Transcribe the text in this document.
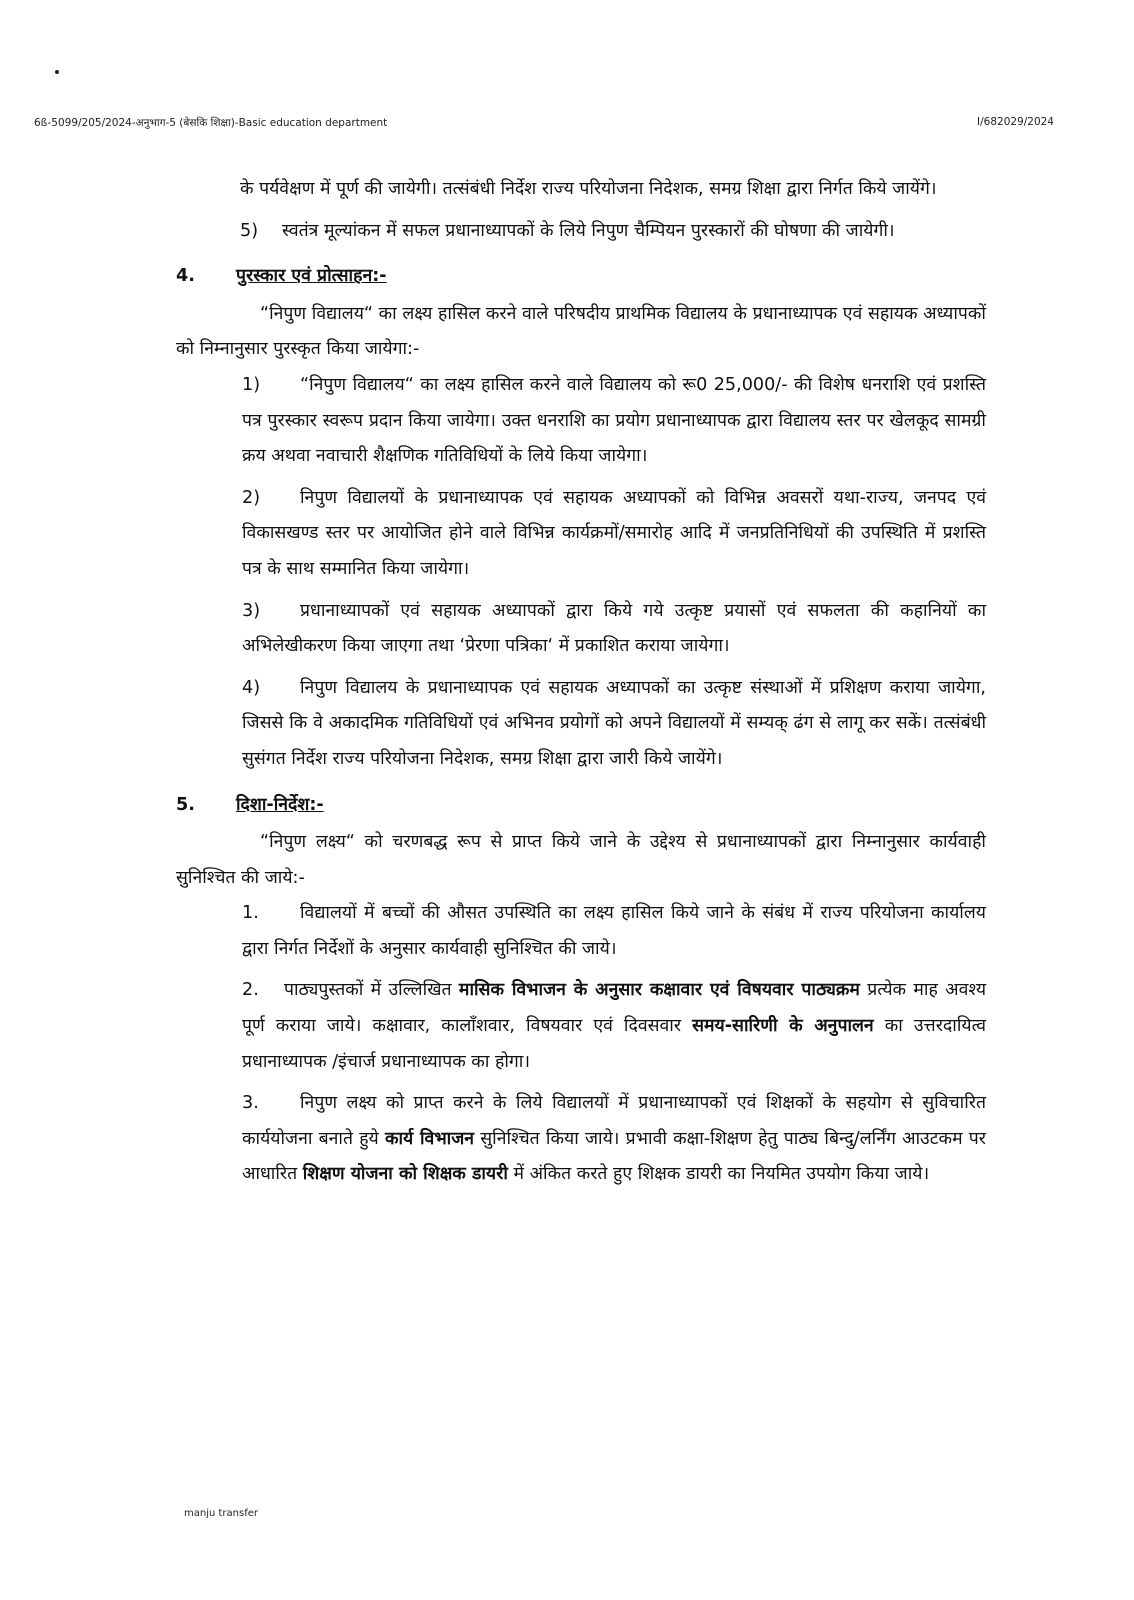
6ß-5099/205/2024-अनुभाग-5 (बेसकि शिक्षा)-Basic education department	I/682029/2024

के पर्यवेक्षण में पूर्ण की जायेगी। तत्संबंधी निर्देश राज्य परियोजना निदेशक, समग्र शिक्षा द्वारा निर्गत किये जायेंगे।

5) स्वतंत्र मूल्यांकन में सफल प्रधानाध्यापकों के लिये निपुण चैम्पियन पुरस्कारों की घोषणा की जायेगी।

4.	पुरस्कार एवं प्रोत्साहन:-

“निपुण विद्यालय“ का लक्ष्य हासिल करने वाले परिषदीय प्राथमिक विद्यालय के प्रधानाध्यापक एवं सहायक अध्यापकों को निम्नानुसार पुरस्कृत किया जायेगा:-

1) “निपुण विद्यालय“ का लक्ष्य हासिल करने वाले विद्यालय को रू0 25,000/- की विशेष धनराशि एवं प्रशस्ति पत्र पुरस्कार स्वरूप प्रदान किया जायेगा। उक्त धनराशि का प्रयोग प्रधानाध्यापक द्वारा विद्यालय स्तर पर खेलकूद सामग्री क्रय अथवा नवाचारी शैक्षणिक गतिविधियों के लिये किया जायेगा।

2) निपुण विद्यालयों के प्रधानाध्यापक एवं सहायक अध्यापकों को विभिन्न अवसरों यथा-राज्य, जनपद एवं विकासखण्ड स्तर पर आयोजित होने वाले विभिन्न कार्यक्रमों/समारोह आदि में जनप्रतिनिधियों की उपस्थिति में प्रशस्ति पत्र के साथ सम्मानित किया जायेगा।

3) प्रधानाध्यापकों एवं सहायक अध्यापकों द्वारा किये गये उत्कृष्ट प्रयासों एवं सफलता की कहानियों का अभिलेखीकरण किया जाएगा तथा ‘प्रेरणा पत्रिका‘ में प्रकाशित कराया जायेगा।

4) निपुण विद्यालय के प्रधानाध्यापक एवं सहायक अध्यापकों का उत्कृष्ट संस्थाओं में प्रशिक्षण कराया जायेगा, जिससे कि वे अकादमिक गतिविधियों एवं अभिनव प्रयोगों को अपने विद्यालयों में सम्यक् ढंग से लागू कर सकें। तत्संबंधी सुसंगत निर्देश राज्य परियोजना निदेशक, समग्र शिक्षा द्वारा जारी किये जायेंगे।

5.	दिशा-निर्देश:-

“निपुण लक्ष्य“ को चरणबद्ध रूप से प्राप्त किये जाने के उद्देश्य से प्रधानाध्यापकों द्वारा निम्नानुसार कार्यवाही सुनिश्चित की जाये:-

1. विद्यालयों में बच्चों की औसत उपस्थिति का लक्ष्य हासिल किये जाने के संबंध में राज्य परियोजना कार्यालय द्वारा निर्गत निर्देशों के अनुसार कार्यवाही सुनिश्चित की जाये।

2. पाठ्यपुस्तकों में उल्लिखित मासिक विभाजन के अनुसार कक्षावार एवं विषयवार पाठ्यक्रम प्रत्येक माह अवश्य पूर्ण कराया जाये। कक्षावार, कालाँशवार, विषयवार एवं दिवसवार समय-सारिणी के अनुपालन का उत्तरदायित्व प्रधानाध्यापक /इंचार्ज प्रधानाध्यापक का होगा।

3. निपुण लक्ष्य को प्राप्त करने के लिये विद्यालयों में प्रधानाध्यापकों एवं शिक्षकों के सहयोग से सुविचारित कार्ययोजना बनाते हुये कार्य विभाजन सुनिश्चित किया जाये। प्रभावी कक्षा-शिक्षण हेतु पाठ्य बिन्दु/लर्निंग आउटकम पर आधारित शिक्षण योजना को शिक्षक डायरी में अंकित करते हुए शिक्षक डायरी का नियमित उपयोग किया जाये।

manju transfer
